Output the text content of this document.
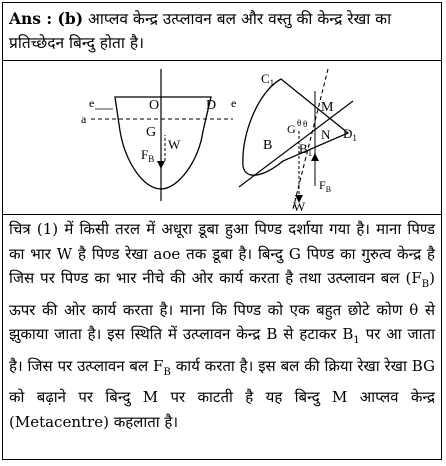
Ans : (b) आप्लव केन्द्र उत्प्लावन बल और वस्तु की केन्द्र रेखा का प्रतिच्छेदन बिन्दु होता है।
e
a
O	D e
G
W
$F_B$
$C_1$
M
θ θ
G N $D_1$
B $B_1$
W
$F_B$
चित्र (1) में किसी तरल में अधूरा डूबा हुआ पिण्ड दर्शाया गया है। माना पिण्ड का भार W है पिण्ड रेखा aoe तक डूबा है। बिन्दु G पिण्ड का गुरुत्व केन्द्र है जिस पर पिण्ड का भार नीचे की ओर कार्य करता है तथा उत्प्लावन बल $(F_B)$ ऊपर की ओर कार्य करता है। माना कि पिण्ड को एक बहुत छोटे कोण θ से झुकाया जाता है। इस स्थिति में उत्प्लावन केन्द्र B से हटाकर $B_1$ पर आ जाता है। जिस पर उत्प्लावन बल $F_B$ कार्य करता है। इस बल की क्रिया रेखा रेखा BG को बढ़ाने पर बिन्दु M पर काटती है यह बिन्दु M आप्लव केन्द्र (Metacentre) कहलाता है।
